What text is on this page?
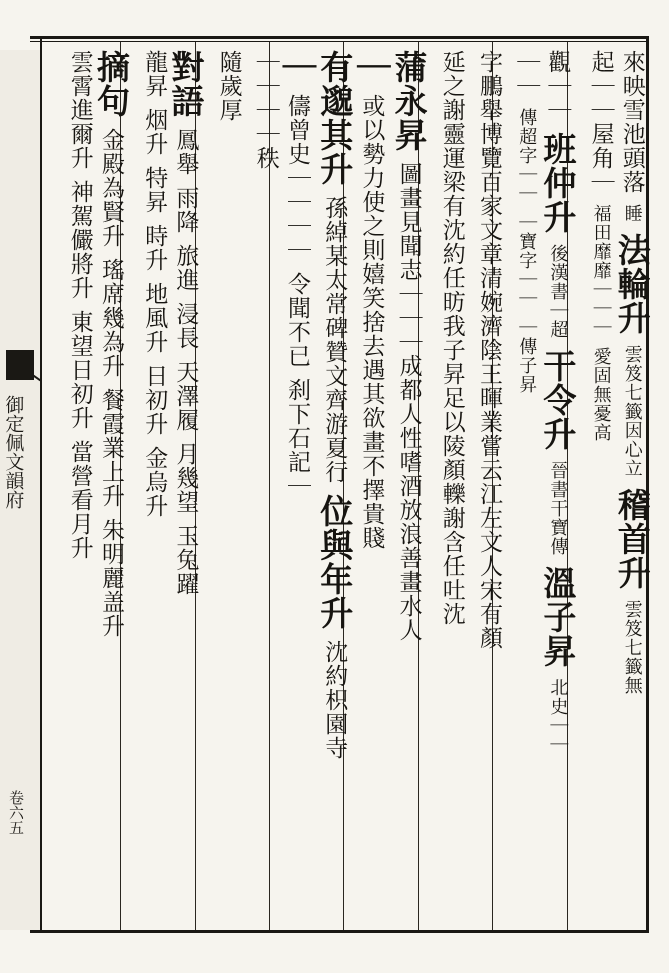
御定佩文韻府
卷六五
來映雪池頭落睡法輪升雲笈七籤因心立稽首升雲笈七籤無
起｜｜屋角｜福田靡靡｜｜｜愛固無憂高
觀｜｜班仲升後漢書｜超干令升晉書干寶傳溫子昇北史｜｜
｜｜傳超字｜｜｜寶字｜｜｜傳子昇
字鵬舉博覽百家文章清婉濟陰王暉業嘗云江左文人宋有顏
延之謝靈運梁有沈約任昉我子昇足以陵顏轢謝含任吐沈
蒲永昇圖畫見聞志｜｜｜成都人性嗜酒放浪善畫水人
｜或以勢力使之則嬉笑捨去遇其欲畫不擇貴賤
有邈其升孫綽某太常碑贊文齊游夏行位與年升沈約枳園寺
｜儔曾史｜｜｜｜令聞不已刹下石記｜
｜｜｜｜秩
隨歲厚
對語鳳舉雨降旅進浸長天澤履月幾望玉兔躍
龍昇烟升特昇時升地風升日初升金烏升
摘句金殿為賢升瑤席幾為升餐霞業上升朱明麗盖升
雲霄進爾升神駕儼將升東望日初升當營看月升
